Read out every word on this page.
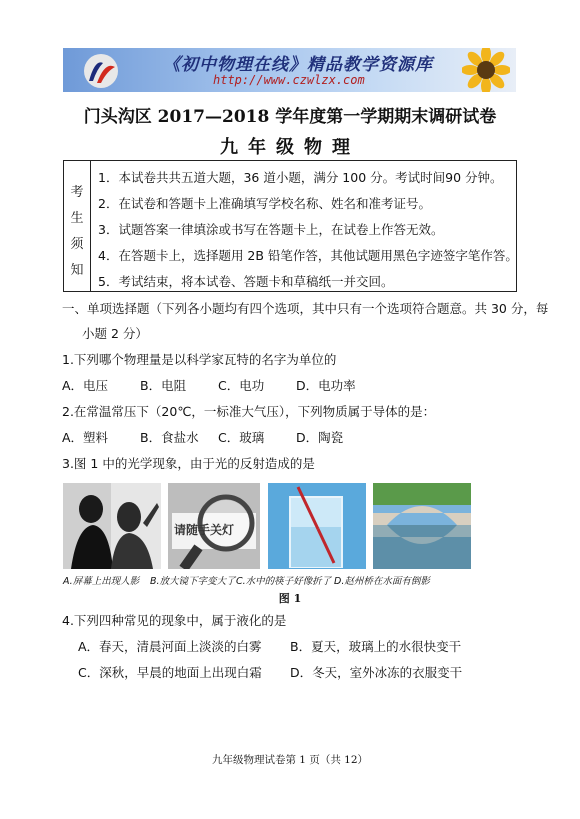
《初中物理在线》精品教学资源库
http://www.czwlzx.com
门头沟区 2017—2018 学年度第一学期期末调研试卷
九年级物理
考
生
须
知
1．本试卷共共五道大题，36 道小题，满分 100 分。考试时间90 分钟。
2．在试卷和答题卡上准确填写学校名称、姓名和准考证号。
3．试题答案一律填涂或书写在答题卡上，在试卷上作答无效。
4．在答题卡上，选择题用 2B 铅笔作答，其他试题用黑色字迹签字笔作答。
5．考试结束，将本试卷、答题卡和草稿纸一并交回。
一、单项选择题（下列各小题均有四个选项，其中只有一个选项符合题意。共 30 分，每
小题 2 分）
1.下列哪个物理量是以科学家瓦特的名字为单位的
A．电压	B．电阻	C．电功	D．电功率
2.在常温常压下（20℃，一标准大气压），下列物质属于导体的是：
A．塑料	B．食盐水 C．玻璃	D．陶瓷
3.图 1 中的光学现象，由于光的反射造成的是
请随手关灯
A.屏幕上出现人影 B.放大镜下字变大了 C.水中的筷子好像折了 D.赵州桥在水面有倒影
图 1
4.下列四种常见的现象中，属于液化的是
A．春天，清晨河面上淡淡的白雾 B．夏天，玻璃上的水很快变干
C．深秋，早晨的地面上出现白霜 D．冬天，室外冰冻的衣服变干
九年级物理试卷第 1 页（共 12）
